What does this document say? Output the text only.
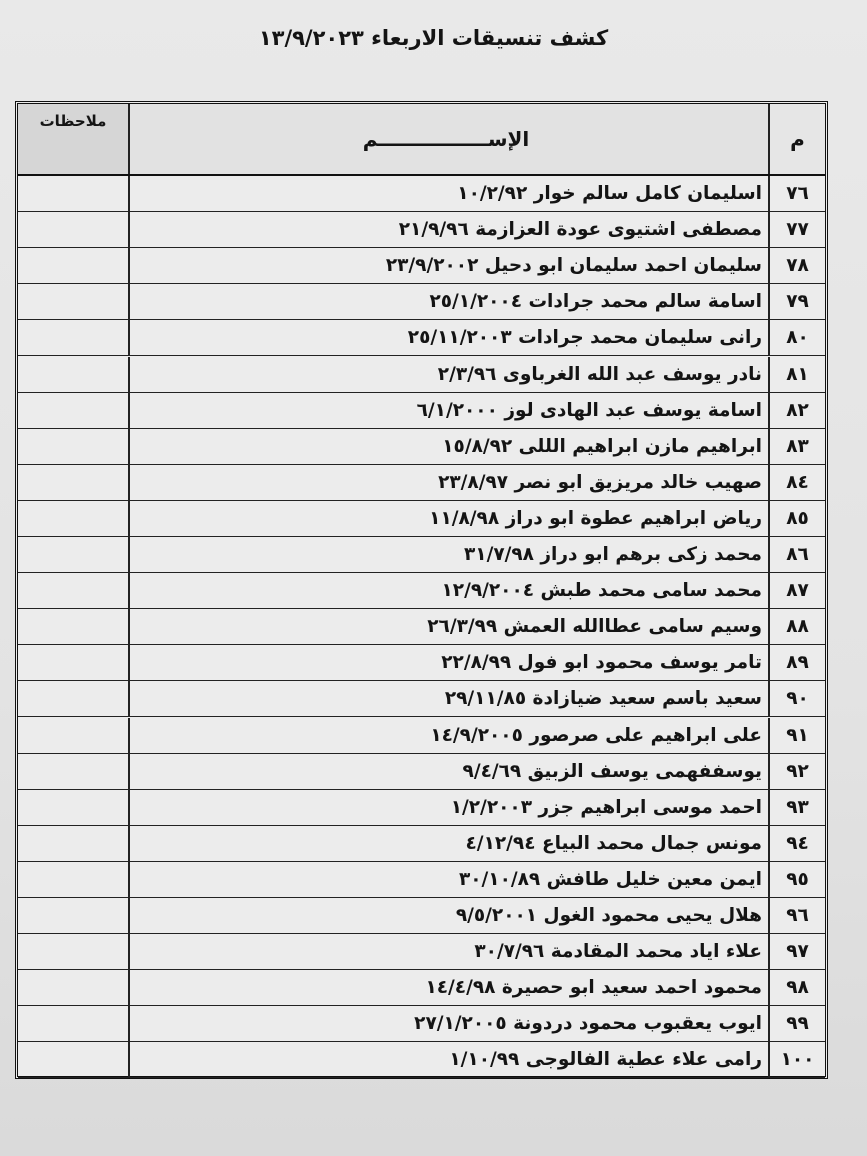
كشف تنسيقات الاربعاء ١٣/٩/٢٠٢٣
ملاحظات
الإســــــــــــــــم	م
اسليمان كامل سالم خوار ١٠/٢/٩٢	٧٦
مصطفى اشتيوى عودة العزازمة ٢١/٩/٩٦	٧٧
سليمان احمد سليمان ابو دحيل ٢٣/٩/٢٠٠٢	٧٨
اسامة سالم محمد جرادات ٢٥/١/٢٠٠٤	٧٩
رانى سليمان محمد جرادات ٢٥/١١/٢٠٠٣	٨٠
نادر يوسف عبد الله الغرباوى ٢/٣/٩٦	٨١
اسامة يوسف عبد الهادى لوز ٦/١/٢٠٠٠	٨٢
ابراهيم مازن ابراهيم الللى ١٥/٨/٩٢	٨٣
صهيب خالد مريزيق ابو نصر ٢٣/٨/٩٧	٨٤
رياض ابراهيم عطوة ابو دراز ١١/٨/٩٨	٨٥
محمد زكى برهم ابو دراز ٣١/٧/٩٨	٨٦
محمد سامى محمد طبش ١٢/٩/٢٠٠٤	٨٧
وسيم سامى عطاالله العمش ٢٦/٣/٩٩	٨٨
تامر يوسف محمود ابو فول ٢٢/٨/٩٩	٨٩
سعيد باسم سعيد ضيازادة ٢٩/١١/٨٥	٩٠
على ابراهيم على صرصور ١٤/٩/٢٠٠٥	٩١
يوسففهمى يوسف الزبيق ٩/٤/٦٩	٩٢
احمد موسى ابراهيم جزر ١/٢/٢٠٠٣	٩٣
مونس جمال محمد البياع ٤/١٢/٩٤	٩٤
ايمن معين خليل طافش ٣٠/١٠/٨٩	٩٥
هلال يحيى محمود الغول ٩/٥/٢٠٠١	٩٦
علاء اياد محمد المقادمة ٣٠/٧/٩٦	٩٧
محمود احمد سعيد ابو حصيرة ١٤/٤/٩٨	٩٨
ايوب يعقبوب محمود دردونة ٢٧/١/٢٠٠٥	٩٩
رامى علاء عطية الفالوجى ١/١٠/٩٩	١٠٠
